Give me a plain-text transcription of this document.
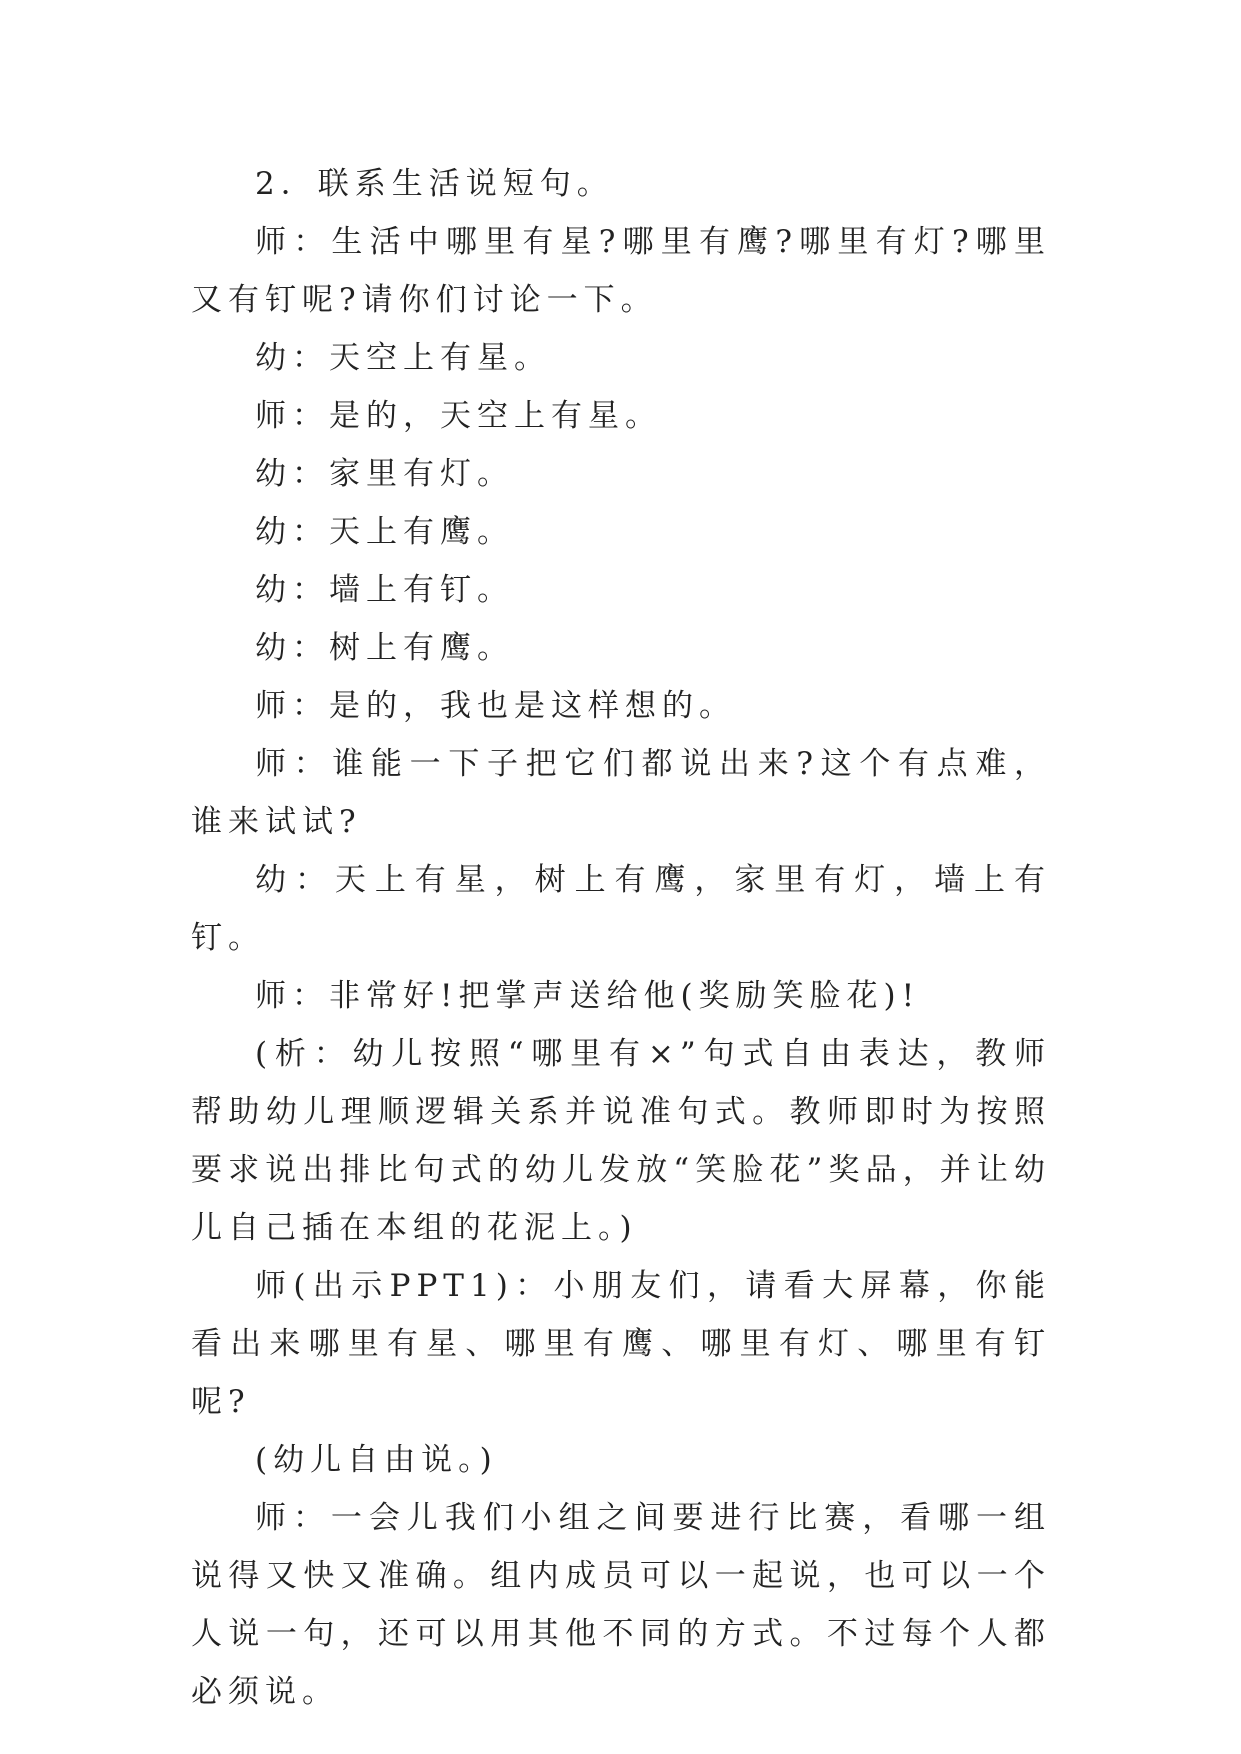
2．联系生活说短句。

师：生活中哪里有星?哪里有鹰?哪里有灯?哪里又有钉呢?请你们讨论一下。

幼：天空上有星。

师：是的，天空上有星。

幼：家里有灯。

幼：天上有鹰。

幼：墙上有钉。

幼：树上有鹰。

师：是的，我也是这样想的。

师：谁能一下子把它们都说出来?这个有点难，谁来试试?

幼：天上有星，树上有鹰，家里有灯，墙上有钉。

师：非常好!把掌声送给他(奖励笑脸花)!

(析：幼儿按照“哪里有×”句式自由表达，教师帮助幼儿理顺逻辑关系并说准句式。教师即时为按照要求说出排比句式的幼儿发放“笑脸花”奖品，并让幼儿自己插在本组的花泥上。)

师(出示PPT1)：小朋友们，请看大屏幕，你能看出来哪里有星、哪里有鹰、哪里有灯、哪里有钉呢?

(幼儿自由说。)

师：一会儿我们小组之间要进行比赛，看哪一组说得又快又准确。组内成员可以一起说，也可以一个人说一句，还可以用其他不同的方式。不过每个人都必须说。
